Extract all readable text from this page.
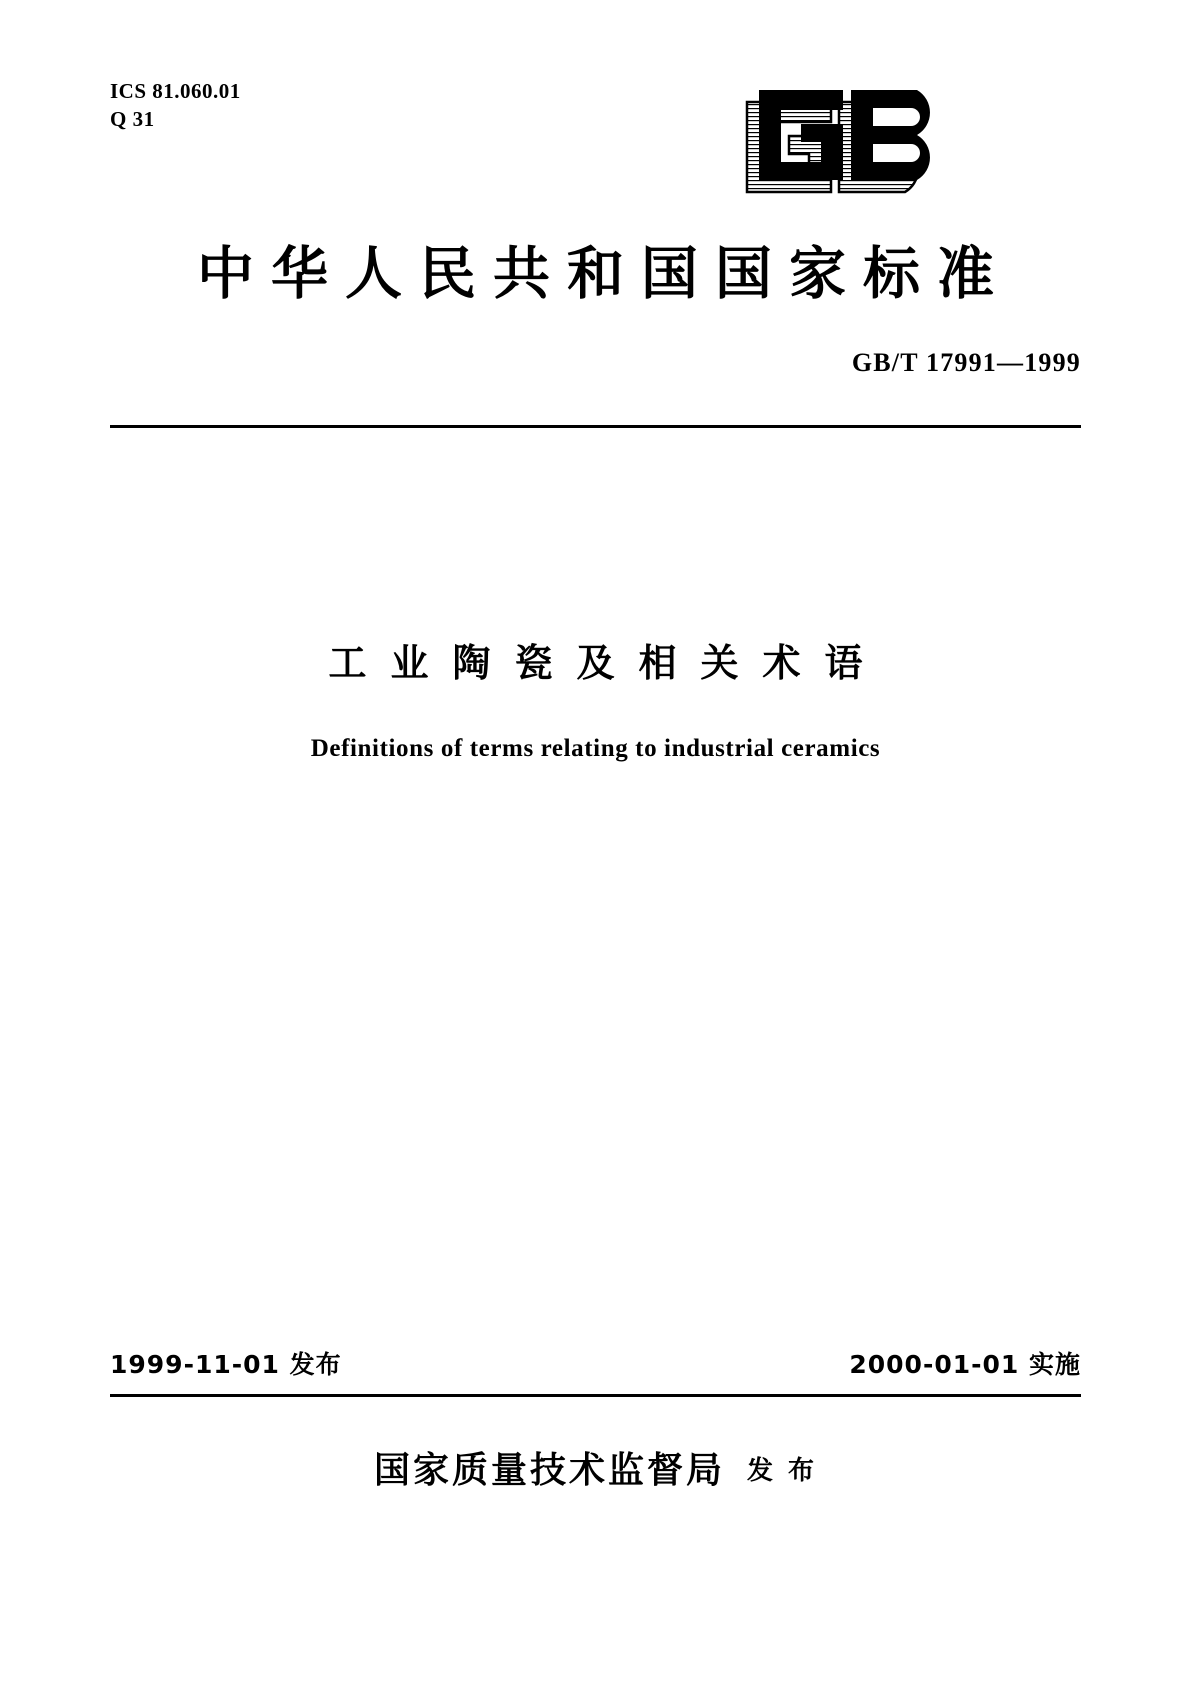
ICS 81.060.01
Q 31
中华人民共和国国家标准
GB/T 17991—1999
工业陶瓷及相关术语
Definitions of terms relating to industrial ceramics
1999-11-01 发布	2000-01-01 实施
国家质量技术监督局 发 布
